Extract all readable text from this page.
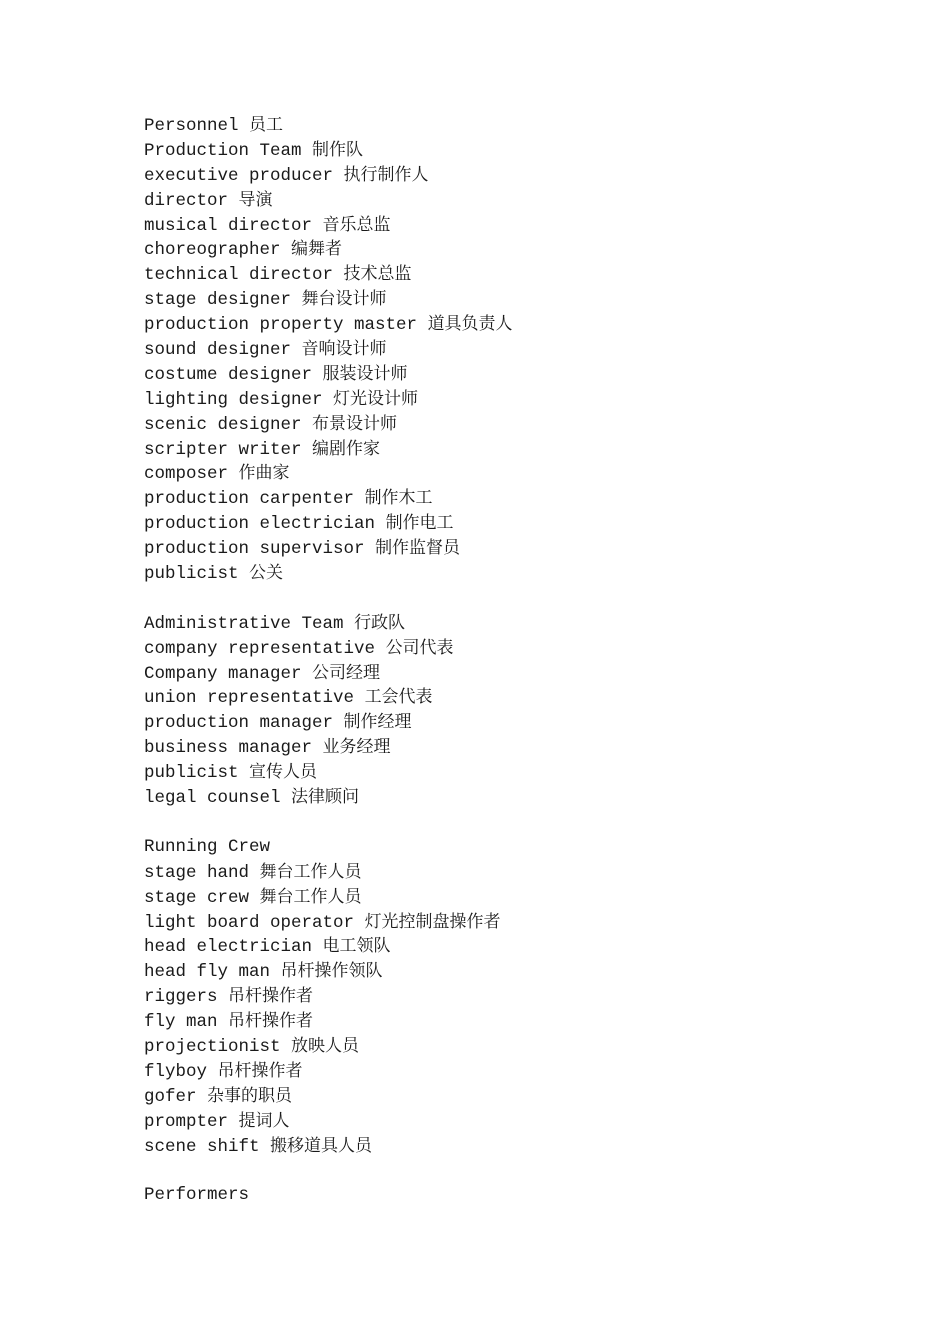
Personnel 员工
Production Team 制作队
executive producer 执行制作人
director 导演
musical director 音乐总监
choreographer 编舞者
technical director 技术总监
stage designer 舞台设计师
production property master 道具负责人
sound designer 音响设计师
costume designer 服装设计师
lighting designer 灯光设计师
scenic designer 布景设计师
scripter writer 编剧作家
composer 作曲家
production carpenter 制作木工
production electrician 制作电工
production supervisor 制作监督员
publicist 公关
Administrative Team 行政队
company representative 公司代表
Company manager 公司经理
union representative 工会代表
production manager 制作经理
business manager 业务经理
publicist 宣传人员
legal counsel 法律顾问
Running Crew
stage hand 舞台工作人员
stage crew 舞台工作人员
light board operator 灯光控制盘操作者
head electrician 电工领队
head fly man 吊杆操作领队
riggers 吊杆操作者
fly man 吊杆操作者
projectionist 放映人员
flyboy 吊杆操作者
gofer 杂事的职员
prompter 提词人
scene shift 搬移道具人员
Performers
